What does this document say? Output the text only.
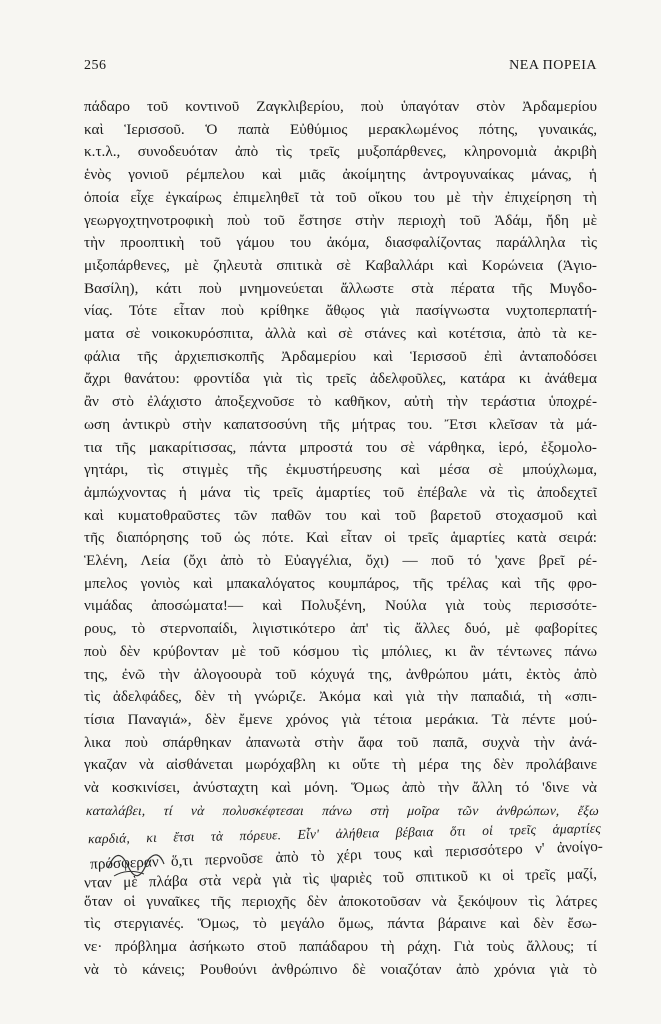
256	ΝΕΑ ΠΟΡΕΙΑ
πάδαρο τοῦ κοντινοῦ Ζαγκλιβερίου, ποὺ ὑπαγόταν στὸν Ἀρδαμερίου
καὶ Ἱερισσοῦ. Ὁ παπὰ Εὐθύμιος μερακλωμένος πότης, γυναικάς,
κ.τ.λ., συνοδευόταν ἀπὸ τὶς τρεῖς μυξοπάρθενες, κληρονομιὰ ἀκριβὴ
ἑνὸς γονιοῦ ρέμπελου καὶ μιᾶς ἀκοίμητης ἀντρογυναίκας μάνας, ἡ
ὁποία εἶχε ἐγκαίρως ἐπιμεληθεῖ τὰ τοῦ οἴκου του μὲ τὴν ἐπιχείρηση τὴ
γεωργοχτηνοτροφικὴ ποὺ τοῦ ἔστησε στὴν περιοχὴ τοῦ Ἀδάμ, ἤδη μὲ
τὴν προοπτικὴ τοῦ γάμου του ἀκόμα, διασφαλίζοντας παράλληλα τὶς
μιξοπάρθενες, μὲ ζηλευτὰ σπιτικὰ σὲ Καβαλλάρι καὶ Κορώνεια (Ἁγιο-
Βασίλη), κάτι ποὺ μνημονεύεται ἄλλωστε στὰ πέρατα τῆς Μυγδο-
νίας. Τότε εἶταν ποὺ κρίθηκε ἄθῳος γιὰ πασίγνωστα νυχτοπερπατή-
ματα σὲ νοικοκυρόσπιτα, ἀλλὰ καὶ σὲ στάνες καὶ κοτέτσια, ἀπὸ τὰ κε-
φάλια τῆς ἀρχιεπισκοπῆς Ἀρδαμερίου καὶ Ἱερισσοῦ ἐπὶ ἀνταποδόσει
ἄχρι θανάτου: φροντίδα γιὰ τὶς τρεῖς ἀδελφοῦλες, κατάρα κι ἀνάθεμα
ἂν στὸ ἐλάχιστο ἀποξεχνοῦσε τὸ καθῆκον, αὐτὴ τὴν τεράστια ὑποχρέ-
ωση ἀντικρὺ στὴν καπατσοσύνη τῆς μήτρας του. Ἔτσι κλεῖσαν τὰ μά-
τια τῆς μακαρίτισσας, πάντα μπροστά του σὲ νάρθηκα, ἱερό, ἐξομολο-
γητάρι, τὶς στιγμὲς τῆς ἐκμυστήρευσης καὶ μέσα σὲ μπούχλωμα,
ἀμπώχνοντας ἡ μάνα τὶς τρεῖς ἁμαρτίες τοῦ ἐπέβαλε νὰ τὶς ἀποδεχτεῖ
καὶ κυματοθραῦστες τῶν παθῶν του καὶ τοῦ βαρετοῦ στοχασμοῦ καὶ
τῆς διαπόρησης τοῦ ὡς πότε. Καὶ εἶταν οἱ τρεῖς ἁμαρτίες κατὰ σειρά:
Ἑλένη, Λεία (ὄχι ἀπὸ τὸ Εὐαγγέλια, ὄχι) — ποῦ τό 'χανε βρεῖ ρέ-
μπελος γονιὸς καὶ μπακαλόγατος κουμπάρος, τῆς τρέλας καὶ τῆς φρο-
νιμάδας ἀποσώματα!— καὶ Πολυξένη, Νούλα γιὰ τοὺς περισσότε-
ρους, τὸ στερνοπαίδι, λιγιστικότερο ἀπ' τὶς ἄλλες δυό, μὲ φαβορίτες
ποὺ δὲν κρύβονταν μὲ τοῦ κόσμου τὶς μπόλιες, κι ἂν τέντωνες πάνω
της, ἐνῶ τὴν ἀλογοουρὰ τοῦ κόχυγά της, ἀνθρώπου μάτι, ἐκτὸς ἀπὸ
τὶς ἀδελφάδες, δὲν τὴ γνώριζε. Ἀκόμα καὶ γιὰ τὴν παπαδιά, τὴ «σπι-
τίσια Παναγιά», δὲν ἔμενε χρόνος γιὰ τέτοια μεράκια. Τὰ πέντε μού-
λικα ποὺ σπάρθηκαν ἀπανωτὰ στὴν ἄφα τοῦ παπᾶ, συχνὰ τὴν ἀνά-
γκαζαν νὰ αἰσθάνεται μωρόχαβλη κι οὔτε τὴ μέρα της δὲν προλάβαινε
νὰ κοσκινίσει, ἀνύσταχτη καὶ μόνη. Ὅμως ἀπὸ τὴν ἄλλη τό 'δινε νὰ
καταλάβει, τί νὰ πολυσκέφτεσαι πάνω στὴ μοῖρα τῶν ἀνθρώπων, ἔξω
καρδιά, κι ἔτσι τὰ πόρευε. Εἶν' ἀλήθεια βέβαια ὅτι οἱ τρεῖς ἁμαρτίες
πρόσφεραν ὅ,τι περνοῦσε ἀπὸ τὸ χέρι τους καὶ περισσότερο ν' ἀνοίγο-
νταν μὲ πλάβα στὰ νερὰ γιὰ τὶς ψαριὲς τοῦ σπιτικοῦ κι οἱ τρεῖς μαζί,
ὅταν οἱ γυναῖκες τῆς περιοχῆς δὲν ἀποκοτοῦσαν νὰ ξεκόψουν τὶς λάτρες
τὶς στεργιανές. Ὅμως, τὸ μεγάλο ὅμως, πάντα βάραινε καὶ δὲν ἔσω-
νε· πρόβλημα ἀσήκωτο στοῦ παπάδαρου τὴ ράχη. Γιὰ τοὺς ἄλλους; τί
νὰ τὸ κάνεις; Ρουθούνι ἀνθρώπινο δὲ νοιαζόταν ἀπὸ χρόνια γιὰ τὸ
